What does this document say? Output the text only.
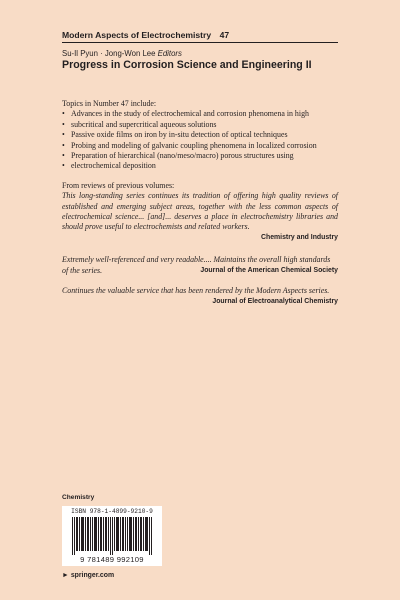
Modern Aspects of Electrochemistry 47
Su-Il Pyun · Jong-Won Lee Editors
Progress in Corrosion Science and Engineering II

Topics in Number 47 include:

• Advances in the study of electrochemical and corrosion phenomena in high
• subcritical and supercritical aqueous solutions
• Passive oxide films on iron by in-situ detection of optical techniques
• Probing and modeling of galvanic coupling phenomena in localized corrosion
• Preparation of hierarchical (nano/meso/macro) porous structures using
• electrochemical deposition

From reviews of previous volumes:

This long-standing series continues its tradition of offering high quality reviews of established and emerging subject areas, together with the less common aspects of electrochemical science... [and]... deserves a place in electrochemistry libraries and should prove useful to electrochemists and related workers.

Chemistry and Industry

Extremely well-referenced and very readable.... Maintains the overall high standards of the series.	Journal of the American Chemical Society

Continues the valuable service that has been rendered by the Modern Aspects series.
Journal of Electroanalytical Chemistry

Chemistry
ISBN 978-1-4899-9210-9
9 781489 992109
► springer.com
